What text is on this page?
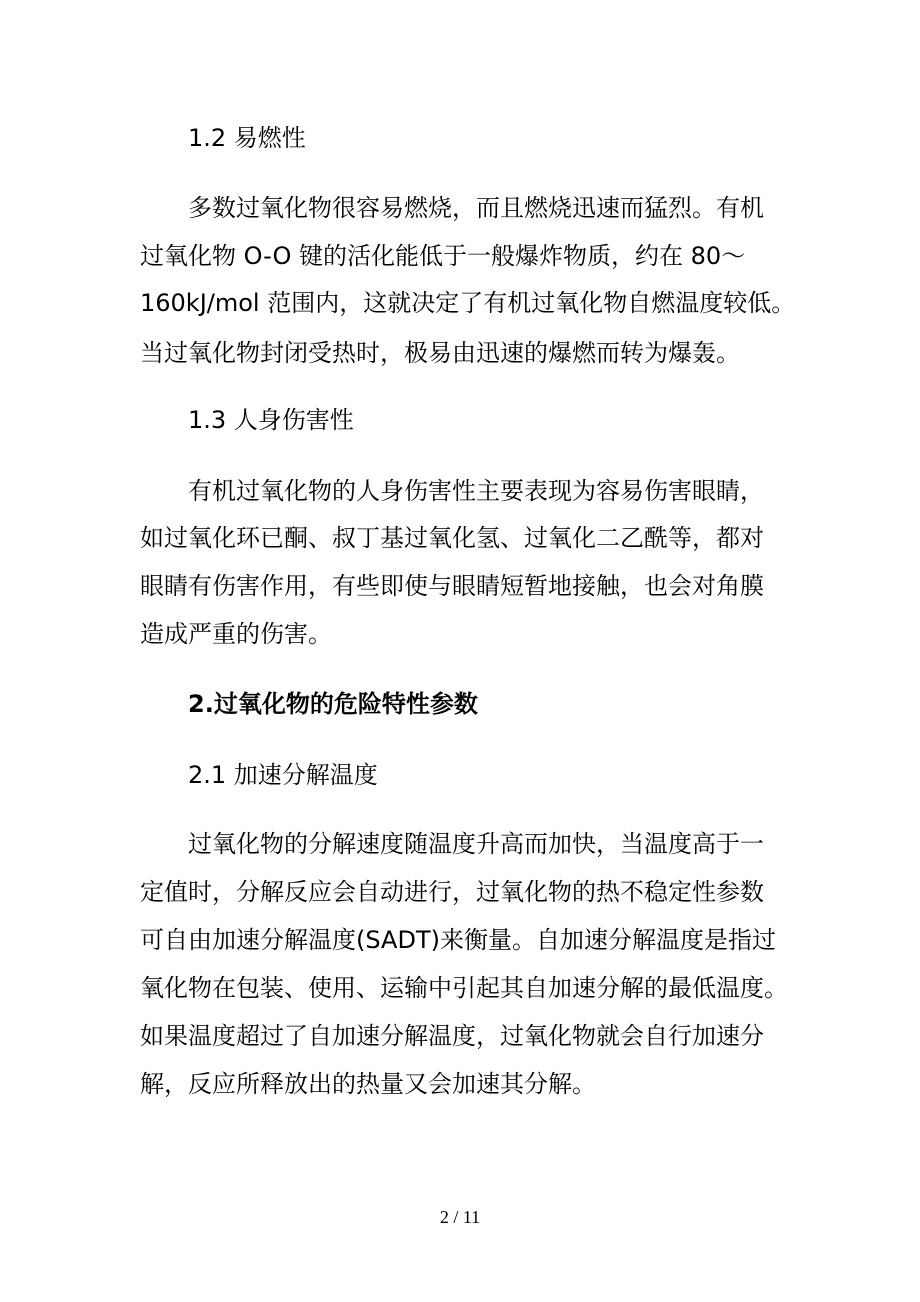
1.2 易燃性
多数过氧化物很容易燃烧，而且燃烧迅速而猛烈。有机
过氧化物 O-O 键的活化能低于一般爆炸物质，约在 80～
160kJ/mol 范围内，这就决定了有机过氧化物自燃温度较低。
当过氧化物封闭受热时，极易由迅速的爆燃而转为爆轰。
1.3 人身伤害性
有机过氧化物的人身伤害性主要表现为容易伤害眼睛，
如过氧化环已酮、叔丁基过氧化氢、过氧化二乙酰等，都对
眼睛有伤害作用，有些即使与眼睛短暂地接触，也会对角膜
造成严重的伤害。
2.过氧化物的危险特性参数
2.1 加速分解温度
过氧化物的分解速度随温度升高而加快，当温度高于一
定值时，分解反应会自动进行，过氧化物的热不稳定性参数
可自由加速分解温度(SADT)来衡量。自加速分解温度是指过
氧化物在包装、使用、运输中引起其自加速分解的最低温度。
如果温度超过了自加速分解温度，过氧化物就会自行加速分
解，反应所释放出的热量又会加速其分解。
2 / 11
